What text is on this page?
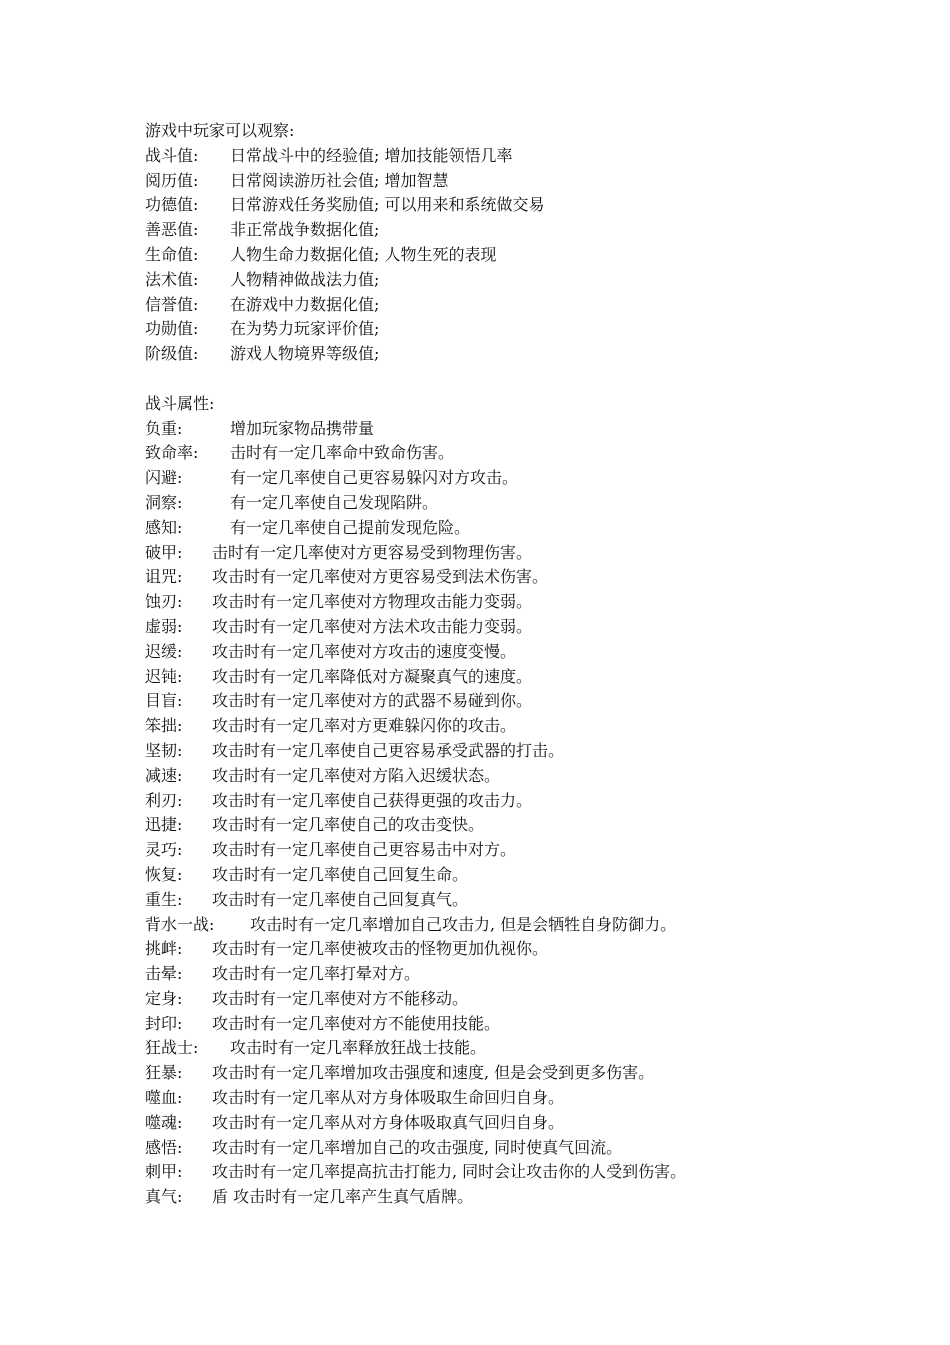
游戏中玩家可以观察:
战斗值: 日常战斗中的经验值; 增加技能领悟几率
阅历值: 日常阅读游历社会值; 增加智慧
功德值: 日常游戏任务奖励值; 可以用来和系统做交易
善恶值: 非正常战争数据化值;
生命值: 人物生命力数据化值; 人物生死的表现
法术值: 人物精神做战法力值;
信誉值: 在游戏中力数据化值;
功勋值: 在为势力玩家评价值;
阶级值: 游戏人物境界等级值;
战斗属性:
负重:	增加玩家物品携带量
致命率: 击时有一定几率命中致命伤害。
闪避:	有一定几率使自己更容易躲闪对方攻击。
洞察:	有一定几率使自己发现陷阱。
感知:	有一定几率使自己提前发现危险。
破甲: 击时有一定几率使对方更容易受到物理伤害。
诅咒: 攻击时有一定几率使对方更容易受到法术伤害。
蚀刃: 攻击时有一定几率使对方物理攻击能力变弱。
虚弱: 攻击时有一定几率使对方法术攻击能力变弱。
迟缓: 攻击时有一定几率使对方攻击的速度变慢。
迟钝: 攻击时有一定几率降低对方凝聚真气的速度。
目盲: 攻击时有一定几率使对方的武器不易碰到你。
笨拙: 攻击时有一定几率对方更难躲闪你的攻击。
坚韧: 攻击时有一定几率使自己更容易承受武器的打击。
减速: 攻击时有一定几率使对方陷入迟缓状态。
利刃: 攻击时有一定几率使自己获得更强的攻击力。
迅捷: 攻击时有一定几率使自己的攻击变快。
灵巧: 攻击时有一定几率使自己更容易击中对方。
恢复: 攻击时有一定几率使自己回复生命。
重生: 攻击时有一定几率使自己回复真气。
背水一战: 攻击时有一定几率增加自己攻击力, 但是会牺牲自身防御力。
挑衅: 攻击时有一定几率使被攻击的怪物更加仇视你。
击晕: 攻击时有一定几率打晕对方。
定身: 攻击时有一定几率使对方不能移动。
封印: 攻击时有一定几率使对方不能使用技能。
狂战士: 攻击时有一定几率释放狂战士技能。
狂暴: 攻击时有一定几率增加攻击强度和速度, 但是会受到更多伤害。
噬血: 攻击时有一定几率从对方身体吸取生命回归自身。
噬魂: 攻击时有一定几率从对方身体吸取真气回归自身。
感悟: 攻击时有一定几率增加自己的攻击强度, 同时使真气回流。
刺甲: 攻击时有一定几率提高抗击打能力, 同时会让攻击你的人受到伤害。
真气: 盾 攻击时有一定几率产生真气盾牌。
